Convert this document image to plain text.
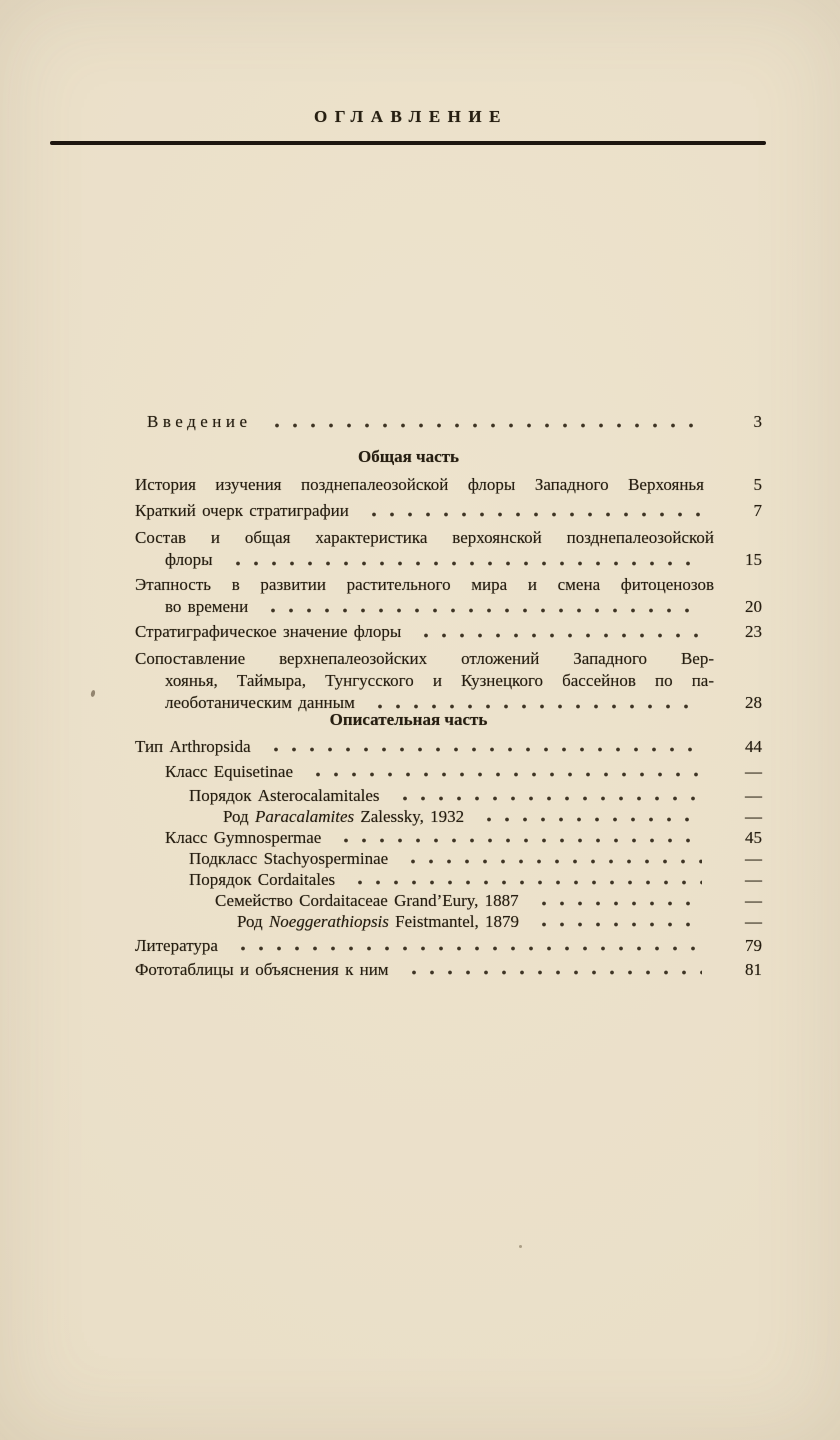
ОГЛАВЛЕНИЕ
Введение	3
Общая часть
История изучения позднепалеозойской флоры Западного Верхоянья	5
Краткий очерк стратиграфии	7
Состав и общая характеристика верхоянской позднепалеозойской
флоры	15
Этапность в развитии растительного мира и смена фитоценозов
во времени	20
Стратиграфическое значение флоры	23
Сопоставление верхнепалеозойских отложений Западного Вер-
хоянья, Таймыра, Тунгусского и Кузнецкого бассейнов по па-
леоботаническим данным	28
Описательная часть
Тип Arthropsida	44
Класс Equisetinae	—
Порядок Asterocalamitales	—
Род Paracalamites Zalessky, 1932	—
Класс Gymnospermae	45
Подкласс Stachyosperminae	—
Порядок Cordaitales	—
Семейство Cordaitaceae Grand’Eury, 1887	—
Род Noeggerathiopsis Feistmantel, 1879	—
Литература	79
Фототаблицы и объяснения к ним	81
